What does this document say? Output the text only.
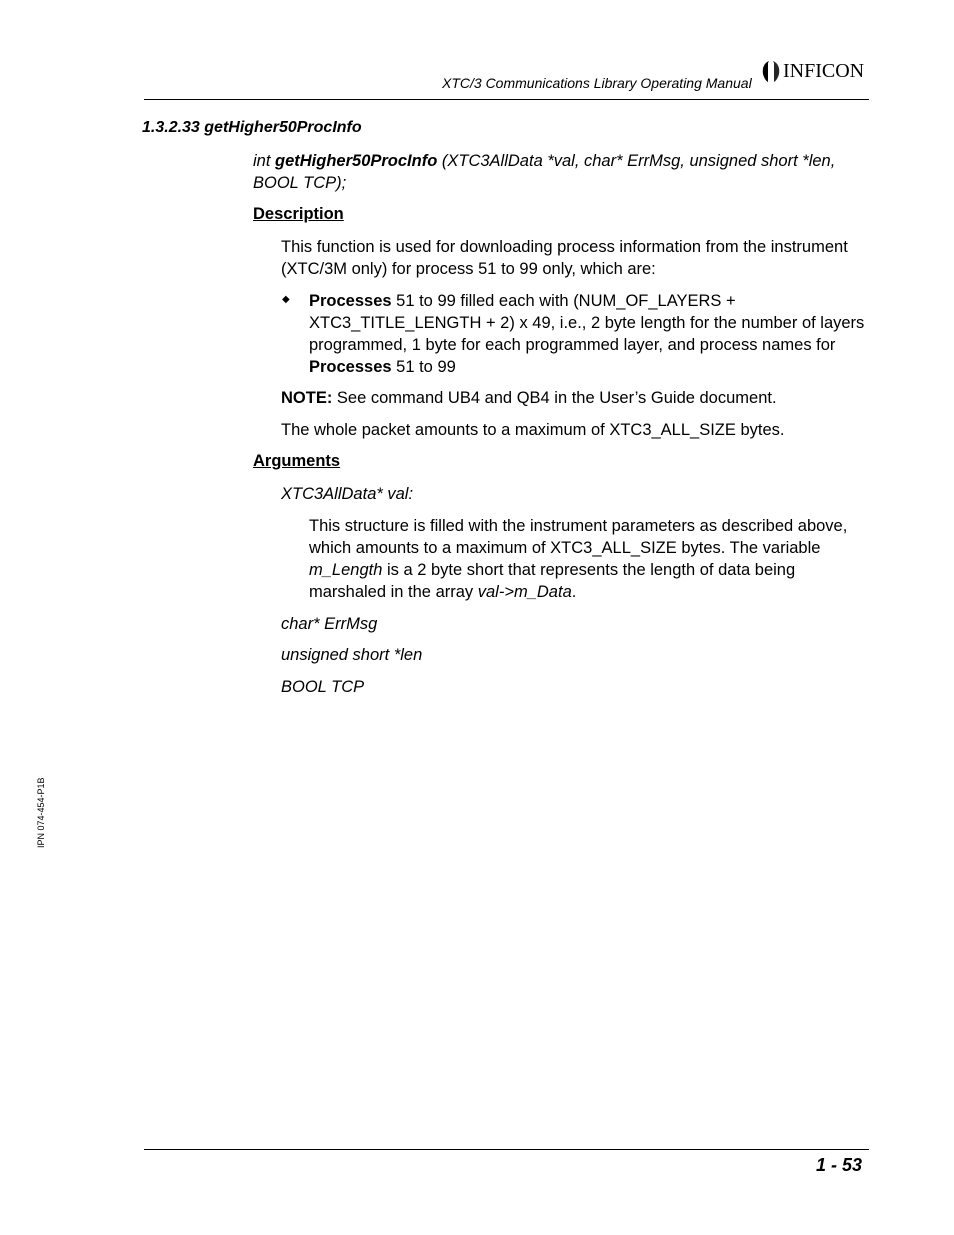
XTC/3 Communications Library Operating Manual
INFICON
1.3.2.33 getHigher50ProcInfo
int getHigher50ProcInfo (XTC3AllData *val, char* ErrMsg, unsigned short *len, BOOL TCP);
Description
This function is used for downloading process information from the instrument (XTC/3M only) for process 51 to 99 only, which are:
◆ Processes 51 to 99 filled each with (NUM_OF_LAYERS + XTC3_TITLE_LENGTH + 2) x 49, i.e., 2 byte length for the number of layers programmed, 1 byte for each programmed layer, and process names for Processes 51 to 99
NOTE: See command UB4 and QB4 in the User’s Guide document.
The whole packet amounts to a maximum of XTC3_ALL_SIZE bytes.
Arguments
XTC3AllData* val:
This structure is filled with the instrument parameters as described above, which amounts to a maximum of XTC3_ALL_SIZE bytes. The variable m_Length is a 2 byte short that represents the length of data being marshaled in the array val->m_Data.
char* ErrMsg
unsigned short *len
BOOL TCP
IPN 074-454-P1B
1 - 53
